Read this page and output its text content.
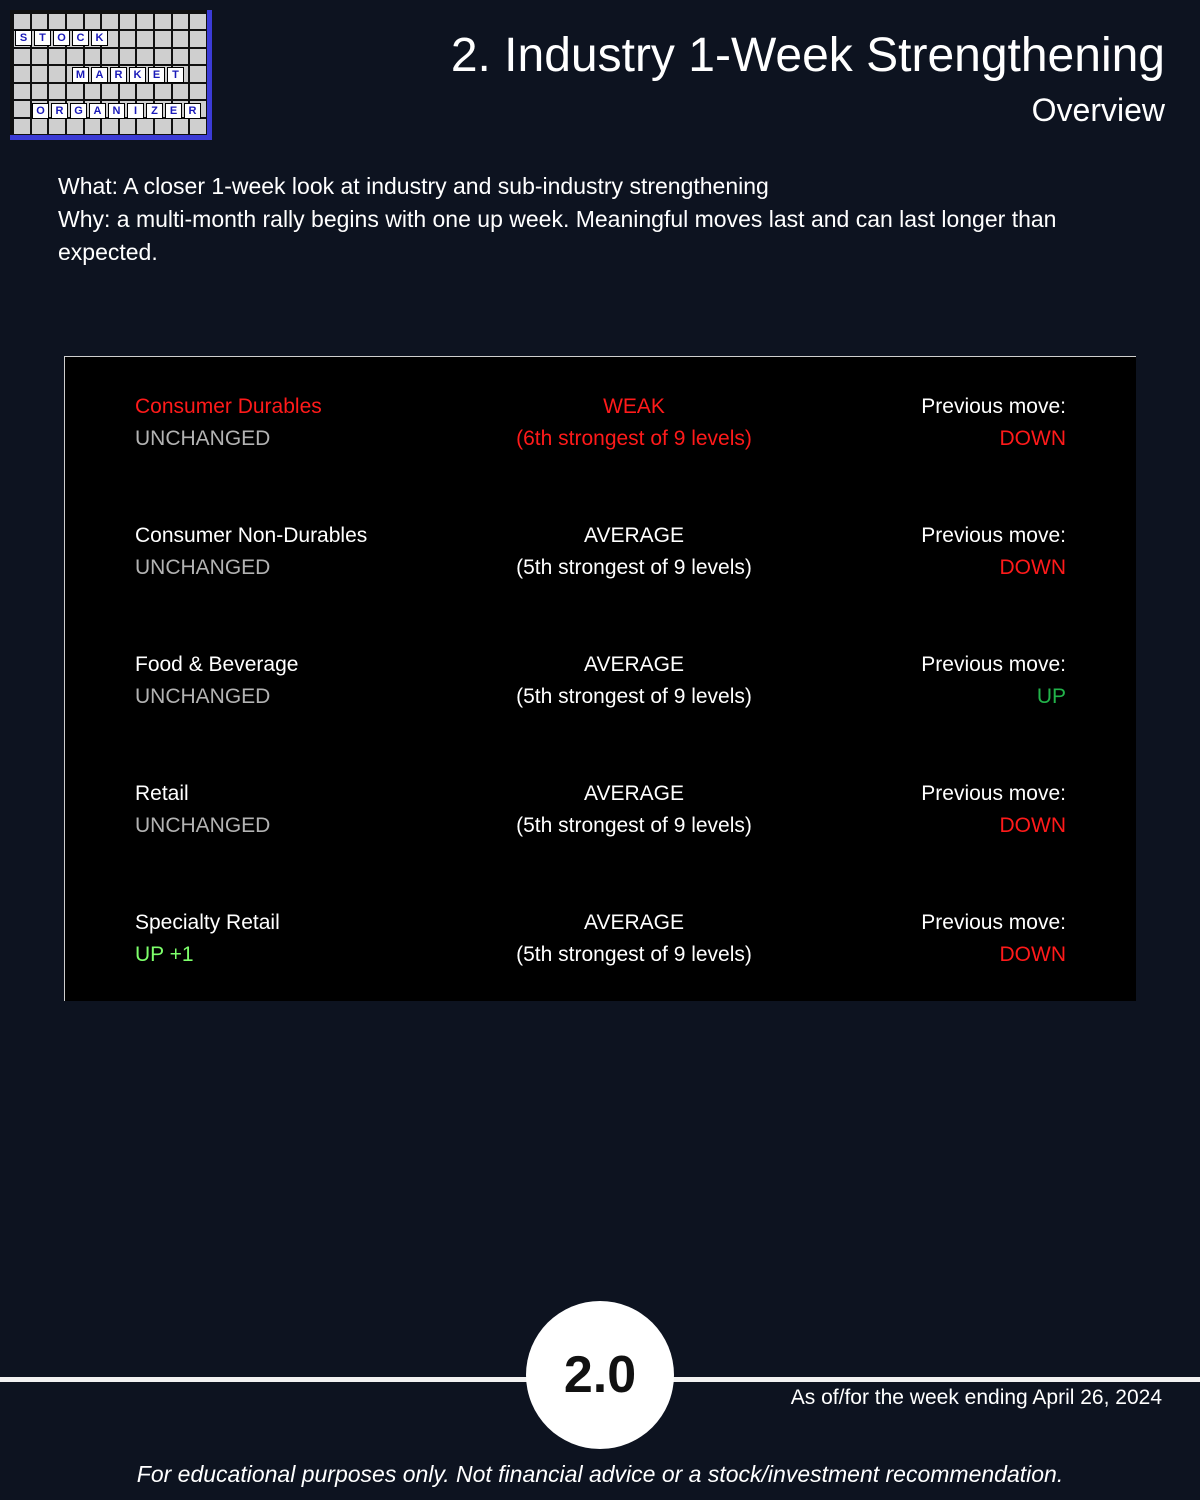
S	T	O C	K
M A	R	K	E	T
O R G A	N	I	Z	E	R
2. Industry 1-Week Strengthening
Overview

What: A closer 1-week look at industry and sub-industry strengthening

Why: a multi-month rally begins with one up week. Meaningful moves last and can last longer than expected.

Consumer Durables
UNCHANGED
WEAK
(6th strongest of 9 levels)
Previous move:
DOWN
Consumer Non-Durables
UNCHANGED
AVERAGE
(5th strongest of 9 levels)
Previous move:
DOWN
Food & Beverage
UNCHANGED
AVERAGE
(5th strongest of 9 levels)
Previous move:
UP
Retail
UNCHANGED
AVERAGE
(5th strongest of 9 levels)
Previous move:
DOWN
Specialty Retail
UP +1
AVERAGE
(5th strongest of 9 levels)
Previous move:
DOWN
2.0	As of/for the week ending April 26, 2024
For educational purposes only. Not financial advice or a stock/investment recommendation.
